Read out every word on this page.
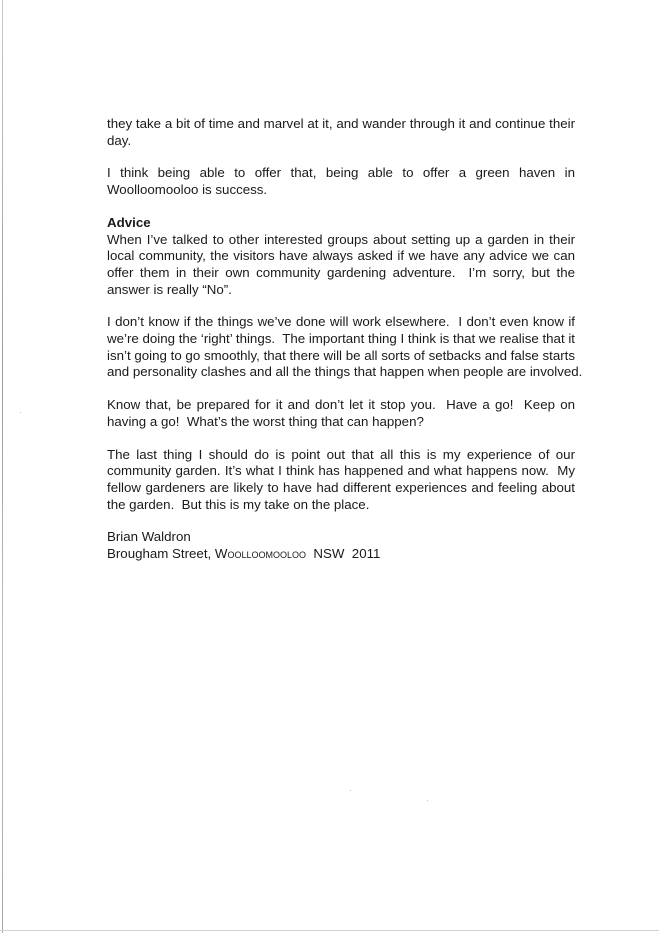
they take a bit of time and marvel at it, and wander through it and continue their
day.
I think being able to offer that, being able to offer a green haven in
Woolloomooloo is success.
Advice
When I’ve talked to other interested groups about setting up a garden in their
local community, the visitors have always asked if we have any advice we can
offer them in their own community gardening adventure.  I’m sorry, but the
answer is really “No”.
I don’t know if the things we’ve done will work elsewhere.  I don’t even know if
we’re doing the ‘right’ things.  The important thing I think is that we realise that it
isn’t going to go smoothly, that there will be all sorts of setbacks and false starts
and personality clashes and all the things that happen when people are involved.
Know that, be prepared for it and don’t let it stop you.  Have a go!  Keep on
having a go!  What’s the worst thing that can happen?
The last thing I should do is point out that all this is my experience of our
community garden. It’s what I think has happened and what happens now.  My
fellow gardeners are likely to have had different experiences and feeling about
the garden.  But this is my take on the place.
Brian Waldron
Brougham Street, Woolloomooloo  NSW  2011
